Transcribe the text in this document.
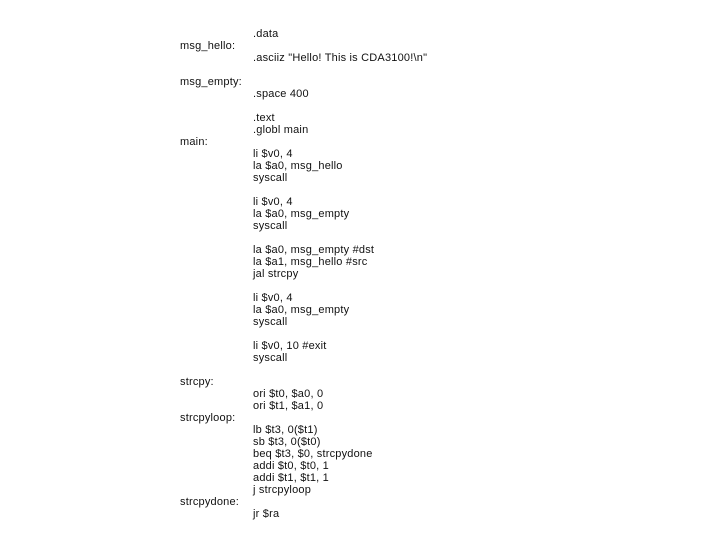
msg_hello:
msg_empty:
main:
strcpy:
strcpyloop:
strcpydone:
.data
.asciiz "Hello! This is CDA3100!\n"
.space 400
.text
.globl main
li $v0, 4
la $a0, msg_hello
syscall
li $v0, 4
la $a0, msg_empty
syscall
la $a0, msg_empty #dst
la $a1, msg_hello #src
jal strcpy
li $v0, 4
la $a0, msg_empty
syscall
li $v0, 10 #exit
syscall
ori $t0, $a0, 0
ori $t1, $a1, 0
lb $t3, 0($t1)
sb $t3, 0($t0)
beq $t3, $0, strcpydone
addi $t0, $t0, 1
addi $t1, $t1, 1
j strcpyloop
jr $ra
